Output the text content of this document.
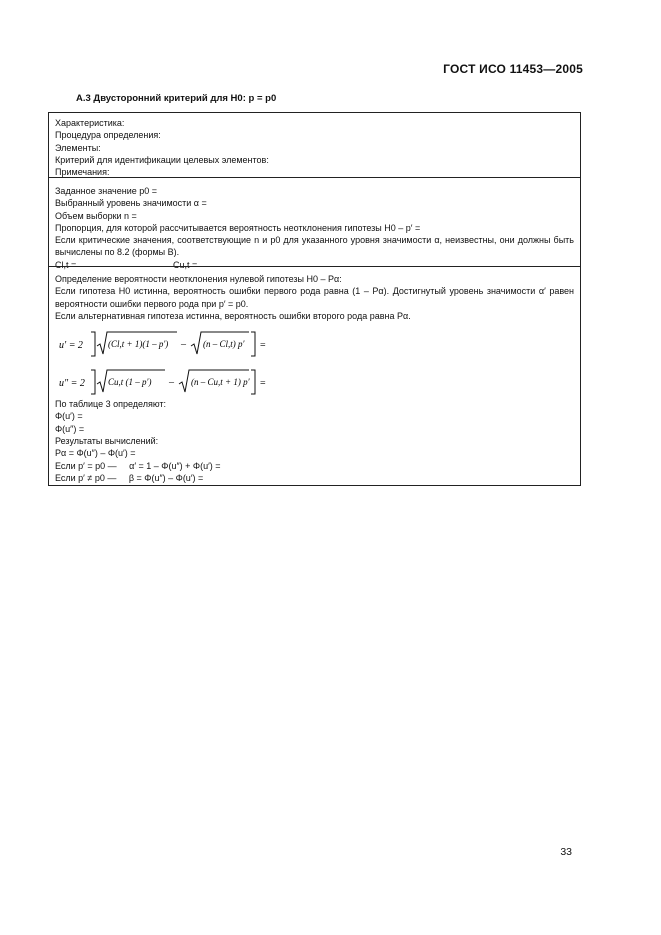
ГОСТ ИСО 11453—2005
А.3 Двусторонний критерий для H0: p = p0
Характеристика:
Процедура определения:
Элементы:
Критерий для идентификации целевых элементов:
Примечания:
Заданное значение p0 =
Выбранный уровень значимости α =
Объем выборки n =
Пропорция, для которой рассчитывается вероятность неотклонения гипотезы H0 – p′ =
Если критические значения, соответствующие n и p0 для указанного уровня значимости α, неизвестны, они должны быть вычислены по 8.2 (формы В).
Cl,t =	Cu,t =
Определение вероятности неотклонения нулевой гипотезы H0 – Pα:
Если гипотеза H0 истинна, вероятность ошибки первого рода равна (1 – Pα). Достигнутый уровень значимости α′ равен вероятности ошибки первого рода при p′ = p0.
Если альтернативная гипотеза истинна, вероятность ошибки второго рода равна Pα.
u′ = 2	(Cl,t + 1)(1 – p′) – (n – Cl,t) p′ =
u″ = 2	Cu,t (1 – p′) – (n – Cu,t + 1) p′ =
По таблице 3 определяют:
Φ(u′) =
Φ(u″) =
Результаты вычислений:
Pα = Φ(u″) – Φ(u′) =
Если p′ = p0 —     α′ = 1 – Φ(u″) + Φ(u′) =
Если p′ ≠ p0 —     β = Φ(u″) – Φ(u′) =
33
